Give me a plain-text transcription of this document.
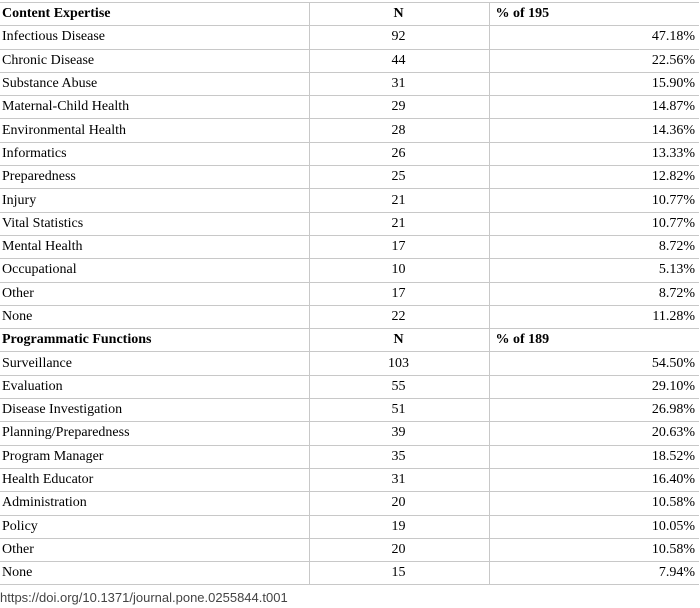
Content Expertise	N	% of 195
Infectious Disease	92	47.18%
Chronic Disease	44	22.56%
Substance Abuse	31	15.90%
Maternal-Child Health	29	14.87%
Environmental Health	28	14.36%
Informatics	26	13.33%
Preparedness	25	12.82%
Injury	21	10.77%
Vital Statistics	21	10.77%
Mental Health	17	8.72%
Occupational	10	5.13%
Other	17	8.72%
None	22	11.28%
Programmatic Functions	N	% of 189
Surveillance	103	54.50%
Evaluation	55	29.10%
Disease Investigation	51	26.98%
Planning/Preparedness	39	20.63%
Program Manager	35	18.52%
Health Educator	31	16.40%
Administration	20	10.58%
Policy	19	10.05%
Other	20	10.58%
None	15	7.94%
https://doi.org/10.1371/journal.pone.0255844.t001
